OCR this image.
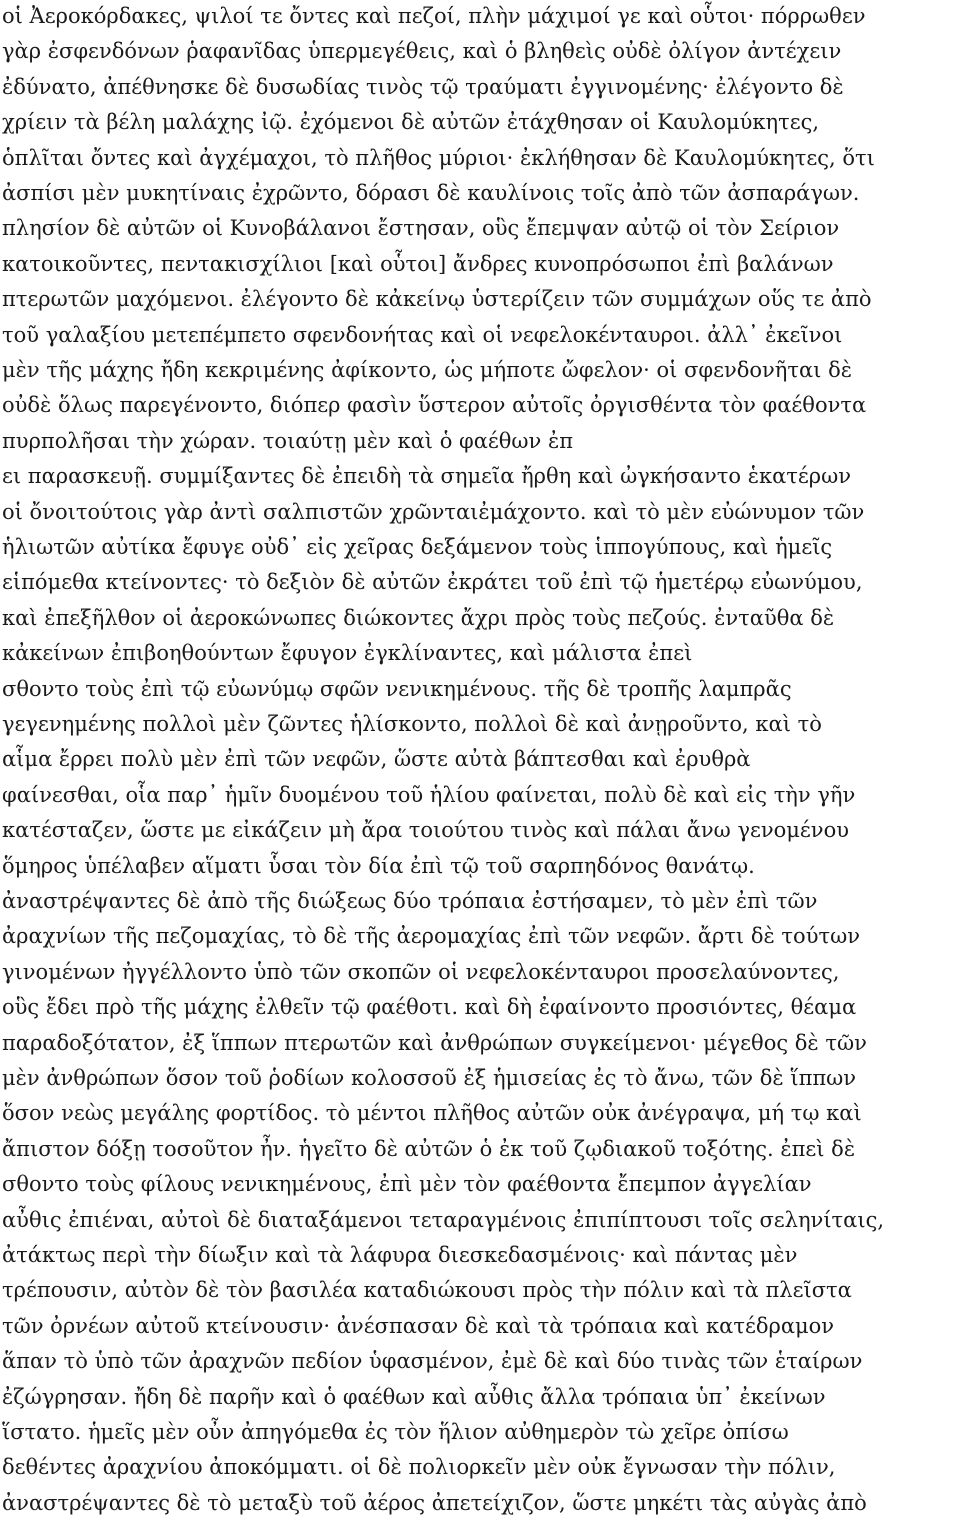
οἱ Ἀεροκόρδακες, ψιλοί τε ὄντες καὶ πεζοί, πλὴν μάχιμοί γε καὶ οὗτοι· πόρρωθεν
γὰρ ἐσφενδόνων ῥαφανῖδας ὑπερμεγέθεις, καὶ ὁ βληθεὶς οὐδὲ ὀλίγον ἀντέχειν
ἐδύνατο, ἀπέθνησκε δὲ δυσωδίας τινὸς τῷ τραύματι ἐγγινομένης· ἐλέγοντο δὲ
χρίειν τὰ βέλη μαλάχης ἰῷ. ἐχόμενοι δὲ αὐτῶν ἐτάχθησαν οἱ Καυλομύκητες,
ὁπλῖται ὄντες καὶ ἀγχέμαχοι, τὸ πλῆθος μύριοι· ἐκλήθησαν δὲ Καυλομύκητες, ὅτι
ἀσπίσι μὲν μυκητίναις ἐχρῶντο, δόρασι δὲ καυλίνοις τοῖς ἀπὸ τῶν ἀσπαράγων.
πλησίον δὲ αὐτῶν οἱ Κυνοβάλανοι ἔστησαν, οὓς ἔπεμψαν αὐτῷ οἱ τὸν Σείριον
κατοικοῦντες, πεντακισχίλιοι [καὶ οὗτοι] ἄνδρες κυνοπρόσωποι ἐπὶ βαλάνων
πτερωτῶν μαχόμενοι. ἐλέγοντο δὲ κἀκείνῳ ὑστερίζειν τῶν συμμάχων οὕς τε ἀπὸ
τοῦ γαλαξίου μετεπέμπετο σφενδονήτας καὶ οἱ νεφελοκένταυροι. ἀλλ᾽ ἐκεῖνοι
μὲν τῆς μάχης ἤδη κεκριμένης ἀφίκοντο, ὡς μήποτε ὤφελον· οἱ σφενδονῆται δὲ
οὐδὲ ὅλως παρεγένοντο, διόπερ φασὶν ὕστερον αὐτοῖς ὀργισθέντα τὸν φαέθοντα
πυρπολῆσαι τὴν χώραν. τοιαύτῃ μὲν καὶ ὁ φαέθων ἐπ
ει παρασκευῇ. συμμίξαντες δὲ ἐπειδὴ τὰ σημεῖα ἤρθη καὶ ὠγκήσαντο ἑκατέρων
οἱ ὄνοιτούτοις γὰρ ἀντὶ σαλπιστῶν χρῶνταιἐμάχοντο. καὶ τὸ μὲν εὐώνυμον τῶν
ἡλιωτῶν αὐτίκα ἔφυγε οὐδ᾽ εἰς χεῖρας δεξάμενον τοὺς ἱππογύπους, καὶ ἡμεῖς
εἱπόμεθα κτείνοντες· τὸ δεξιὸν δὲ αὐτῶν ἐκράτει τοῦ ἐπὶ τῷ ἡμετέρῳ εὐωνύμου,
καὶ ἐπεξῆλθον οἱ ἀεροκώνωπες διώκοντες ἄχρι πρὸς τοὺς πεζούς. ἐνταῦθα δὲ
κἀκείνων ἐπιβοηθούντων ἔφυγον ἐγκλίναντες, καὶ μάλιστα ἐπεὶ
σθοντο τοὺς ἐπὶ τῷ εὐωνύμῳ σφῶν νενικημένους. τῆς δὲ τροπῆς λαμπρᾶς
γεγενημένης πολλοὶ μὲν ζῶντες ἡλίσκοντο, πολλοὶ δὲ καὶ ἀνῃροῦντο, καὶ τὸ
αἷμα ἔρρει πολὺ μὲν ἐπὶ τῶν νεφῶν, ὥστε αὐτὰ βάπτεσθαι καὶ ἐρυθρὰ
φαίνεσθαι, οἷα παρ᾽ ἡμῖν δυομένου τοῦ ἡλίου φαίνεται, πολὺ δὲ καὶ εἰς τὴν γῆν
κατέσταζεν, ὥστε με εἰκάζειν μὴ ἄρα τοιούτου τινὸς καὶ πάλαι ἄνω γενομένου
ὅμηρος ὑπέλαβεν αἵματι ὗσαι τὸν δία ἐπὶ τῷ τοῦ σαρπηδόνος θανάτῳ.
ἀναστρέψαντες δὲ ἀπὸ τῆς διώξεως δύο τρόπαια ἐστήσαμεν, τὸ μὲν ἐπὶ τῶν
ἀραχνίων τῆς πεζομαχίας, τὸ δὲ τῆς ἀερομαχίας ἐπὶ τῶν νεφῶν. ἄρτι δὲ τούτων
γινομένων ἠγγέλλοντο ὑπὸ τῶν σκοπῶν οἱ νεφελοκένταυροι προσελαύνοντες,
οὓς ἔδει πρὸ τῆς μάχης ἐλθεῖν τῷ φαέθοτι. καὶ δὴ ἐφαίνοντο προσιόντες, θέαμα
παραδοξότατον, ἐξ ἵππων πτερωτῶν καὶ ἀνθρώπων συγκείμενοι· μέγεθος δὲ τῶν
μὲν ἀνθρώπων ὅσον τοῦ ῥοδίων κολοσσοῦ ἐξ ἡμισείας ἐς τὸ ἄνω, τῶν δὲ ἵππων
ὅσον νεὼς μεγάλης φορτίδος. τὸ μέντοι πλῆθος αὐτῶν οὐκ ἀνέγραψα, μή τῳ καὶ
ἄπιστον δόξῃ τοσοῦτον ἦν. ἡγεῖτο δὲ αὐτῶν ὁ ἐκ τοῦ ζῳδιακοῦ τοξότης. ἐπεὶ δὲ
σθοντο τοὺς φίλους νενικημένους, ἐπὶ μὲν τὸν φαέθοντα ἔπεμπον ἀγγελίαν
αὖθις ἐπιέναι, αὐτοὶ δὲ διαταξάμενοι τεταραγμένοις ἐπιπίπτουσι τοῖς σεληνίταις,
ἀτάκτως περὶ τὴν δίωξιν καὶ τὰ λάφυρα διεσκεδασμένοις· καὶ πάντας μὲν
τρέπουσιν, αὐτὸν δὲ τὸν βασιλέα καταδιώκουσι πρὸς τὴν πόλιν καὶ τὰ πλεῖστα
τῶν ὀρνέων αὐτοῦ κτείνουσιν· ἀνέσπασαν δὲ καὶ τὰ τρόπαια καὶ κατέδραμον
ἅπαν τὸ ὑπὸ τῶν ἀραχνῶν πεδίον ὑφασμένον, ἐμὲ δὲ καὶ δύο τινὰς τῶν ἑταίρων
ἐζώγρησαν. ἤδη δὲ παρῆν καὶ ὁ φαέθων καὶ αὖθις ἄλλα τρόπαια ὑπ᾽ ἐκείνων
ἵστατο. ἡμεῖς μὲν οὖν ἀπηγόμεθα ἐς τὸν ἥλιον αὐθημερὸν τὼ χεῖρε ὀπίσω
δεθέντες ἀραχνίου ἀποκόμματι. οἱ δὲ πολιορκεῖν μὲν οὐκ ἔγνωσαν τὴν πόλιν,
ἀναστρέψαντες δὲ τὸ μεταξὺ τοῦ ἀέρος ἀπετείχιζον, ὥστε μηκέτι τὰς αὐγὰς ἀπὸ
